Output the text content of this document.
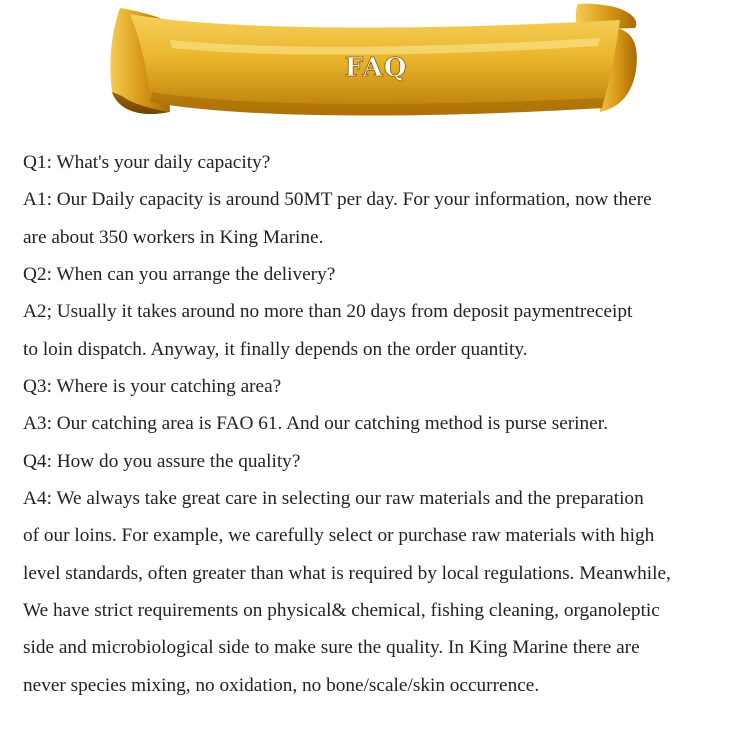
FAQ

Q1: What's your daily capacity?

A1: Our Daily capacity is around 50MT per day. For your information, now there

are about 350 workers in King Marine.

Q2: When can you arrange the delivery?

A2; Usually it takes around no more than 20 days from deposit paymentreceipt

to loin dispatch. Anyway, it finally depends on the order quantity.

Q3: Where is your catching area?

A3: Our catching area is FAO 61. And our catching method is purse seriner.

Q4: How do you assure the quality?

A4: We always take great care in selecting our raw materials and the preparation

of our loins. For example, we carefully select or purchase raw materials with high

level standards, often greater than what is required by local regulations. Meanwhile,

We have strict requirements on physical& chemical, fishing cleaning, organoleptic

side and microbiological side to make sure the quality. In King Marine there are

never species mixing, no oxidation, no bone/scale/skin occurrence.
